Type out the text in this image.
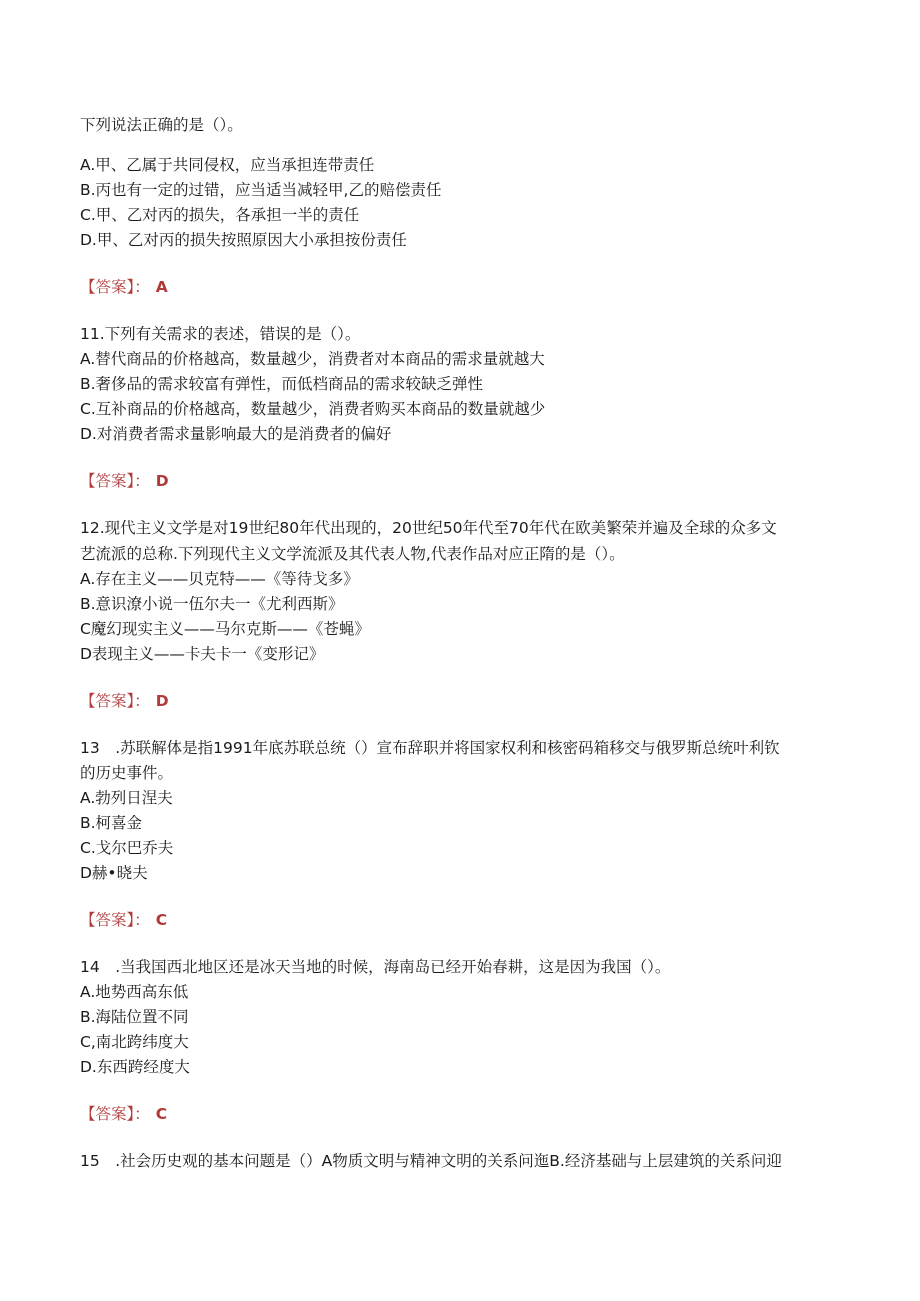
下列说法正确的是（）。
A.甲、乙属于共同侵权，应当承担连带责任
B.丙也有一定的过错，应当适当减轻甲,乙的赔偿责任
C.甲、乙对丙的损失，各承担一半的责任
D.甲、乙对丙的损失按照原因大小承担按份责任
【答案】： A
11.下列有关需求的表述，错误的是（）。
A.替代商品的价格越高，数量越少，消费者对本商品的需求量就越大
B.奢侈品的需求较富有弹性，而低档商品的需求较缺乏弹性
C.互补商品的价格越高，数量越少，消费者购买本商品的数量就越少
D.对消费者需求量影响最大的是消费者的偏好
【答案】： D
12.现代主义文学是对19世纪80年代出现的，20世纪50年代至70年代在欧美繁荣并遍及全球的众多文
艺流派的总称.下列现代主义文学流派及其代表人物,代表作品对应正隋的是（）。
A.存在主义——贝克特——《等待戈多》
B.意识潦小说一伍尔夫一《尤利西斯》
C魔幻现实主义——马尔克斯——《苍蝇》
D表现主义——卡夫卡一《变形记》
【答案】： D
13　.苏联解体是指1991年底苏联总统（）宣布辞职并将国家权利和核密码箱移交与俄罗斯总统叶利钦
的历史事件。
A.勃列日涅夫
B.柯喜金
C.戈尔巴乔夫
D赫•晓夫
【答案】： C
14　.当我国西北地区还是冰天当地的时候，海南岛已经开始春耕，这是因为我国（）。
A.地势西高东低
B.海陆位置不同
C,南北跨纬度大
D.东西跨经度大
【答案】： C
15　.社会历史观的基本问题是（）A物质文明与精神文明的关系问迤B.经济基础与上层建筑的关系问迎
